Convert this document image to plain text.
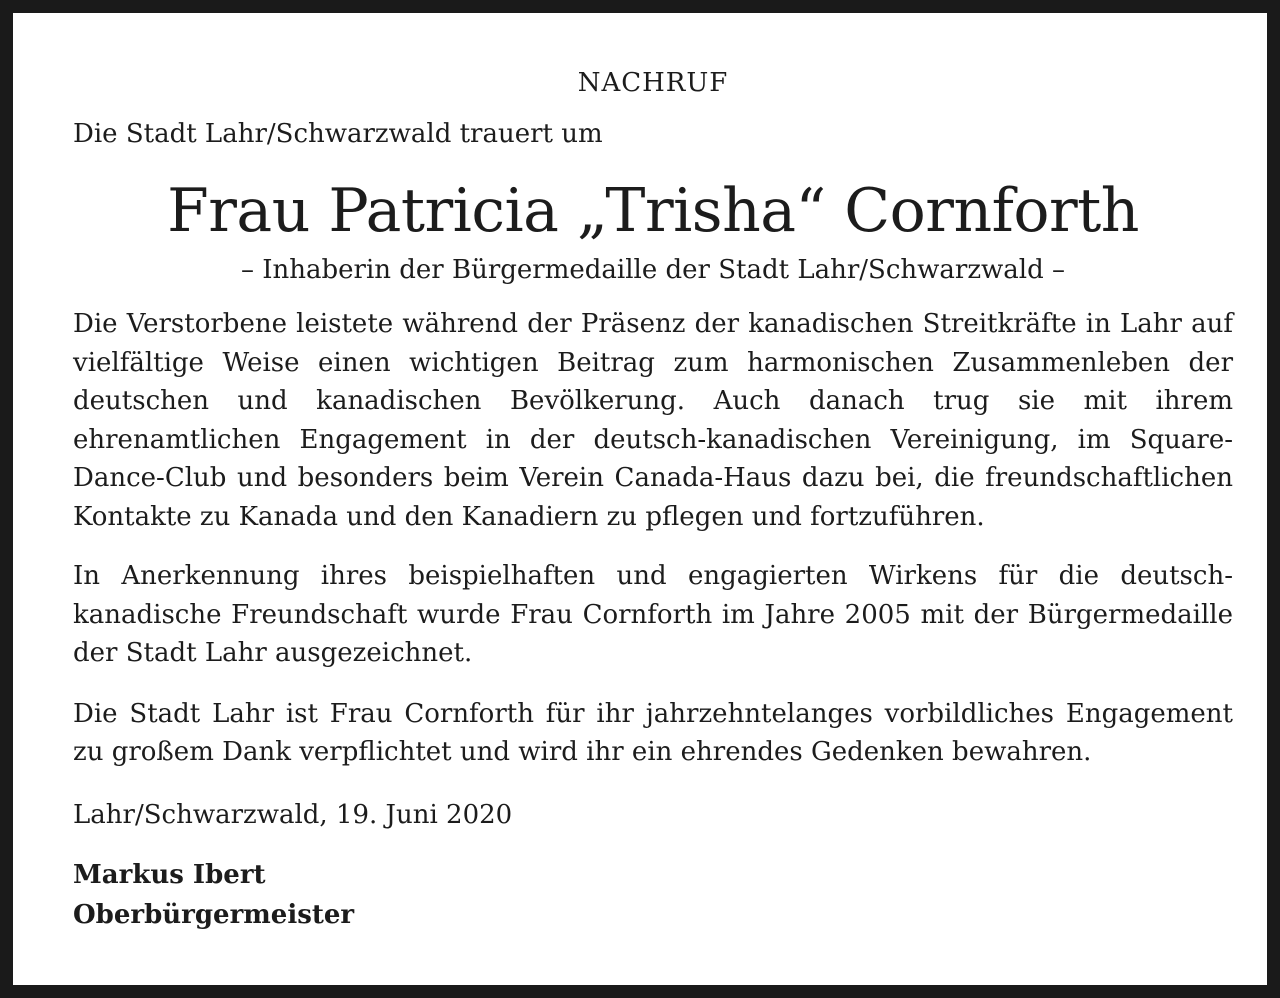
NACHRUF

Die Stadt Lahr/Schwarzwald trauert um

Frau Patricia „Trisha“ Cornforth

– Inhaberin der Bürgermedaille der Stadt Lahr/Schwarzwald –

Die Verstorbene leistete während der Präsenz der kanadischen Streitkräfte in Lahr auf vielfältige Weise einen wichtigen Beitrag zum harmonischen Zusammenleben der deutschen und kanadischen Bevölkerung. Auch danach trug sie mit ihrem ehrenamtlichen Engagement in der deutsch-kanadischen Vereinigung, im Square-Dance-Club und besonders beim Verein Canada-Haus dazu bei, die freundschaftlichen Kontakte zu Kanada und den Kanadiern zu pflegen und fortzuführen.

In Anerkennung ihres beispielhaften und engagierten Wirkens für die deutsch-kanadische Freundschaft wurde Frau Cornforth im Jahre 2005 mit der Bürgermedaille der Stadt Lahr ausgezeichnet.

Die Stadt Lahr ist Frau Cornforth für ihr jahrzehntelanges vorbildliches Engagement zu großem Dank verpflichtet und wird ihr ein ehrendes Gedenken bewahren.

Lahr/Schwarzwald, 19. Juni 2020

Markus Ibert

Oberbürgermeister
